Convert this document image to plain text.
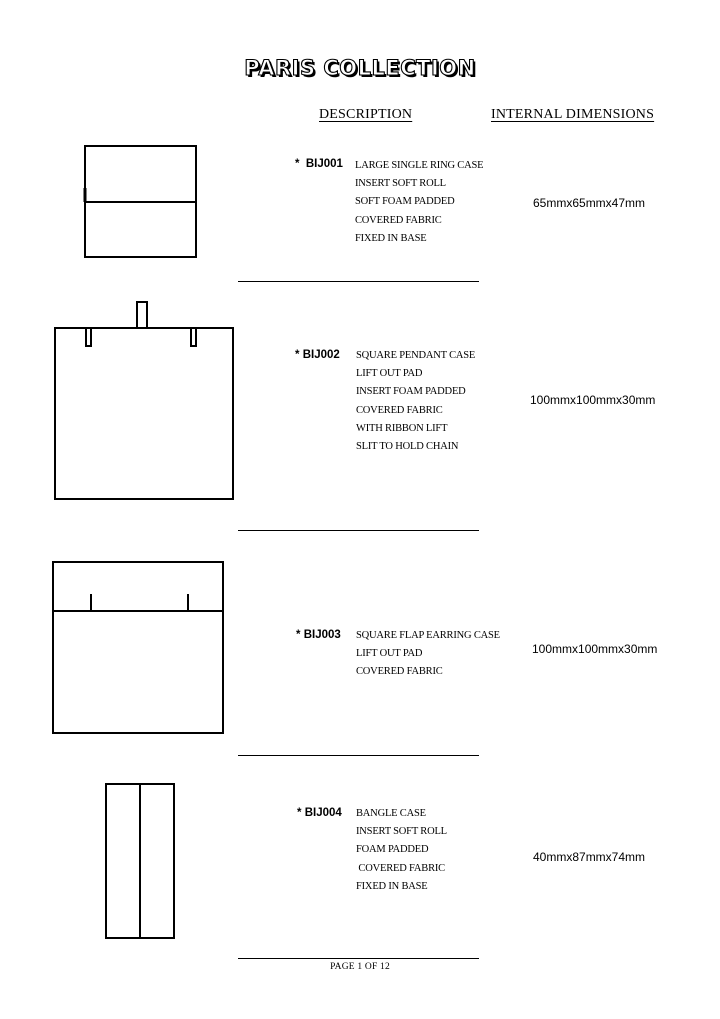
PARIS COLLECTION
DESCRIPTION	INTERNAL DIMENSIONS
* BIJ001 LARGE SINGLE RING CASE
INSERT SOFT ROLL
SOFT FOAM PADDED
COVERED FABRIC
FIXED IN BASE
65mmx65mmx47mm
* BIJ002 SQUARE PENDANT CASE
LIFT OUT PAD
INSERT FOAM PADDED
COVERED FABRIC
WITH RIBBON LIFT
SLIT TO HOLD CHAIN
100mmx100mmx30mm
* BIJ003 SQUARE FLAP EARRING CASE
LIFT OUT PAD
COVERED FABRIC
100mmx100mmx30mm
* BIJ004 BANGLE CASE
INSERT SOFT ROLL
FOAM PADDED
COVERED FABRIC
FIXED IN BASE
40mmx87mmx74mm
PAGE 1 OF 12
